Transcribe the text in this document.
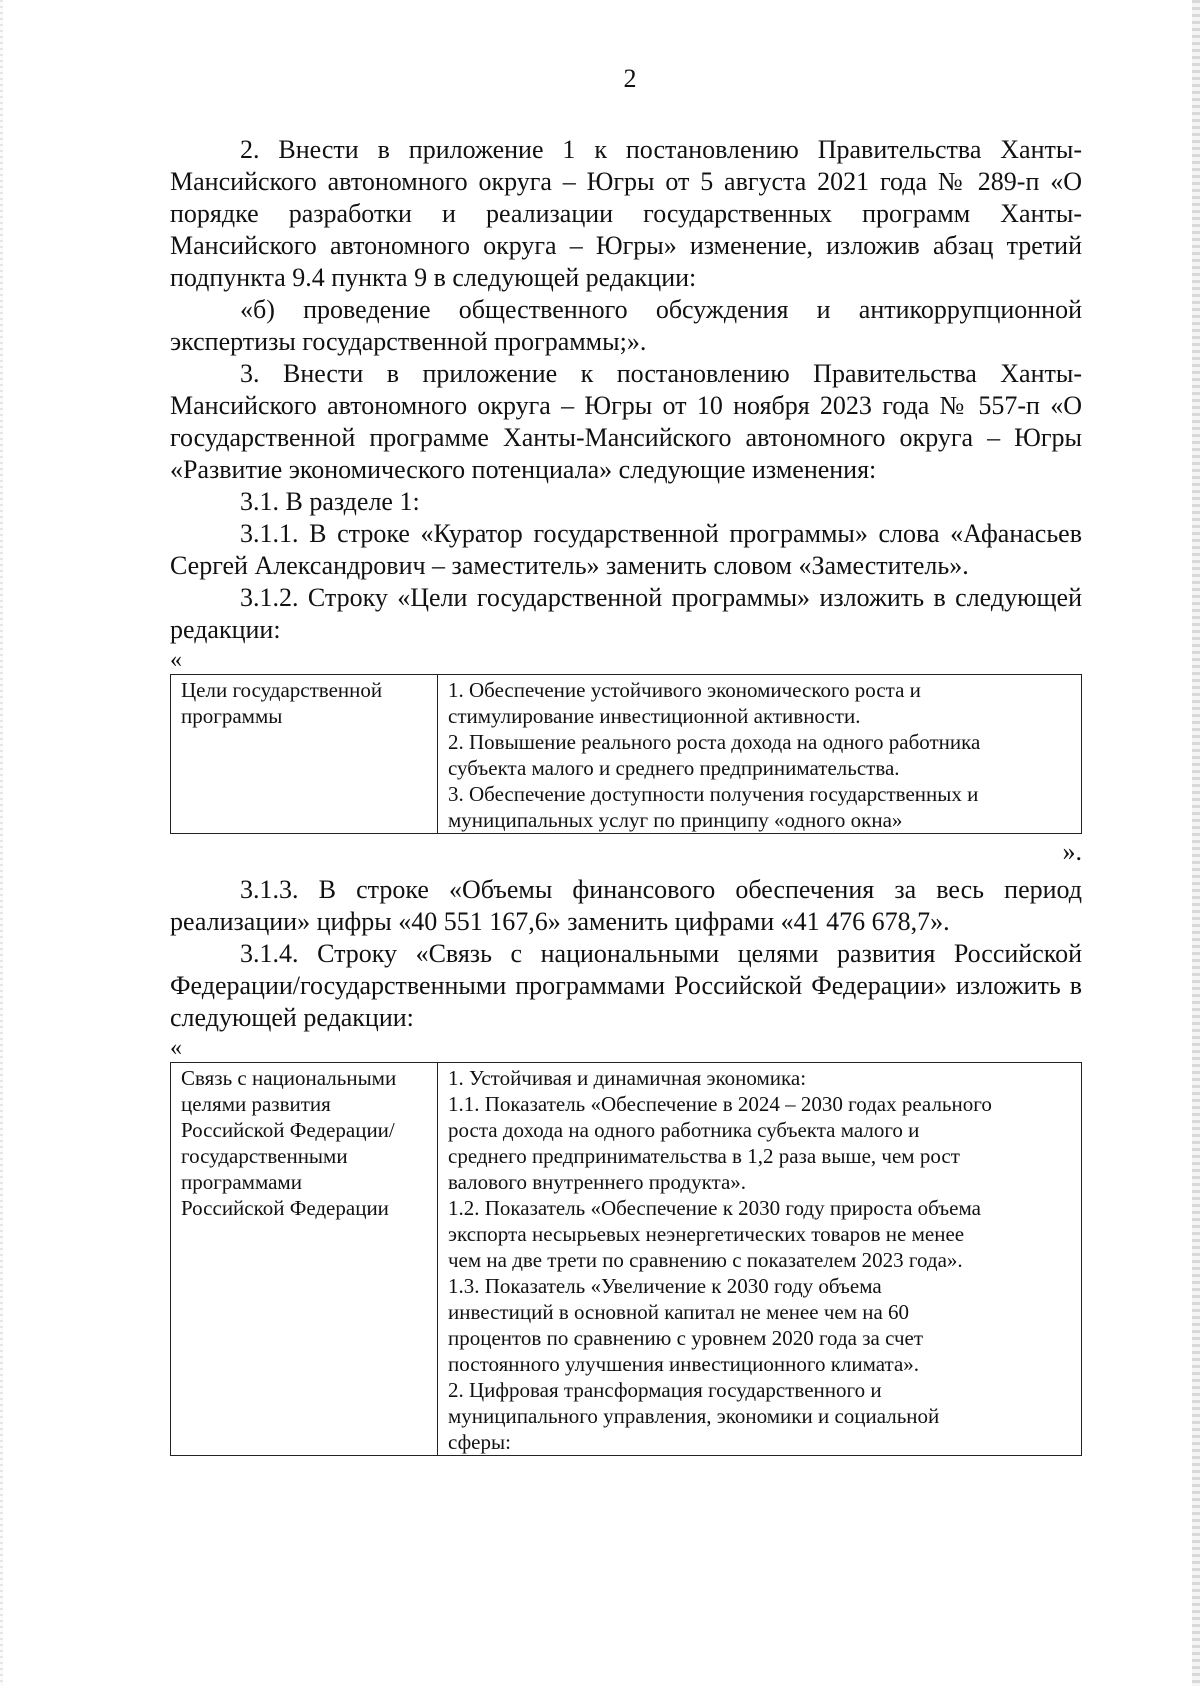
2

2. Внести в приложение 1 к постановлению Правительства Ханты-Мансийского автономного округа – Югры от 5 августа 2021 года № 289-п «О порядке разработки и реализации государственных программ Ханты-Мансийского автономного округа – Югры» изменение, изложив абзац третий подпункта 9.4 пункта 9 в следующей редакции:

«б) проведение общественного обсуждения и антикоррупционной экспертизы государственной программы;».

3. Внести в приложение к постановлению Правительства Ханты-Мансийского автономного округа – Югры от 10 ноября 2023 года № 557-п «О государственной программе Ханты-Мансийского автономного округа – Югры «Развитие экономического потенциала» следующие изменения:

3.1. В разделе 1:

3.1.1. В строке «Куратор государственной программы» слова «Афанасьев Сергей Александрович – заместитель» заменить словом «Заместитель».

3.1.2. Строку «Цели государственной программы» изложить в следующей редакции:

«
Цели государственной
программы

1. Обеспечение устойчивого экономического роста и
стимулирование инвестиционной активности.
2. Повышение реального роста дохода на одного работника
субъекта малого и среднего предпринимательства.
3. Обеспечение доступности получения государственных и
муниципальных услуг по принципу «одного окна»
».

3.1.3. В строке «Объемы финансового обеспечения за весь период реализации» цифры «40 551 167,6» заменить цифрами «41 476 678,7».

3.1.4. Строку «Связь с национальными целями развития Российской Федерации/государственными программами Российской Федерации» изложить в следующей редакции:

«
Связь с национальными
целями развития
Российской Федерации/
государственными
программами
Российской Федерации

1. Устойчивая и динамичная экономика:
1.1. Показатель «Обеспечение в 2024 – 2030 годах реального
роста дохода на одного работника субъекта малого и
среднего предпринимательства в 1,2 раза выше, чем рост
валового внутреннего продукта».
1.2. Показатель «Обеспечение к 2030 году прироста объема
экспорта несырьевых неэнергетических товаров не менее
чем на две трети по сравнению с показателем 2023 года».
1.3. Показатель «Увеличение к 2030 году объема
инвестиций в основной капитал не менее чем на 60
процентов по сравнению с уровнем 2020 года за счет
постоянного улучшения инвестиционного климата».
2. Цифровая трансформация государственного и
муниципального управления, экономики и социальной
сферы:
